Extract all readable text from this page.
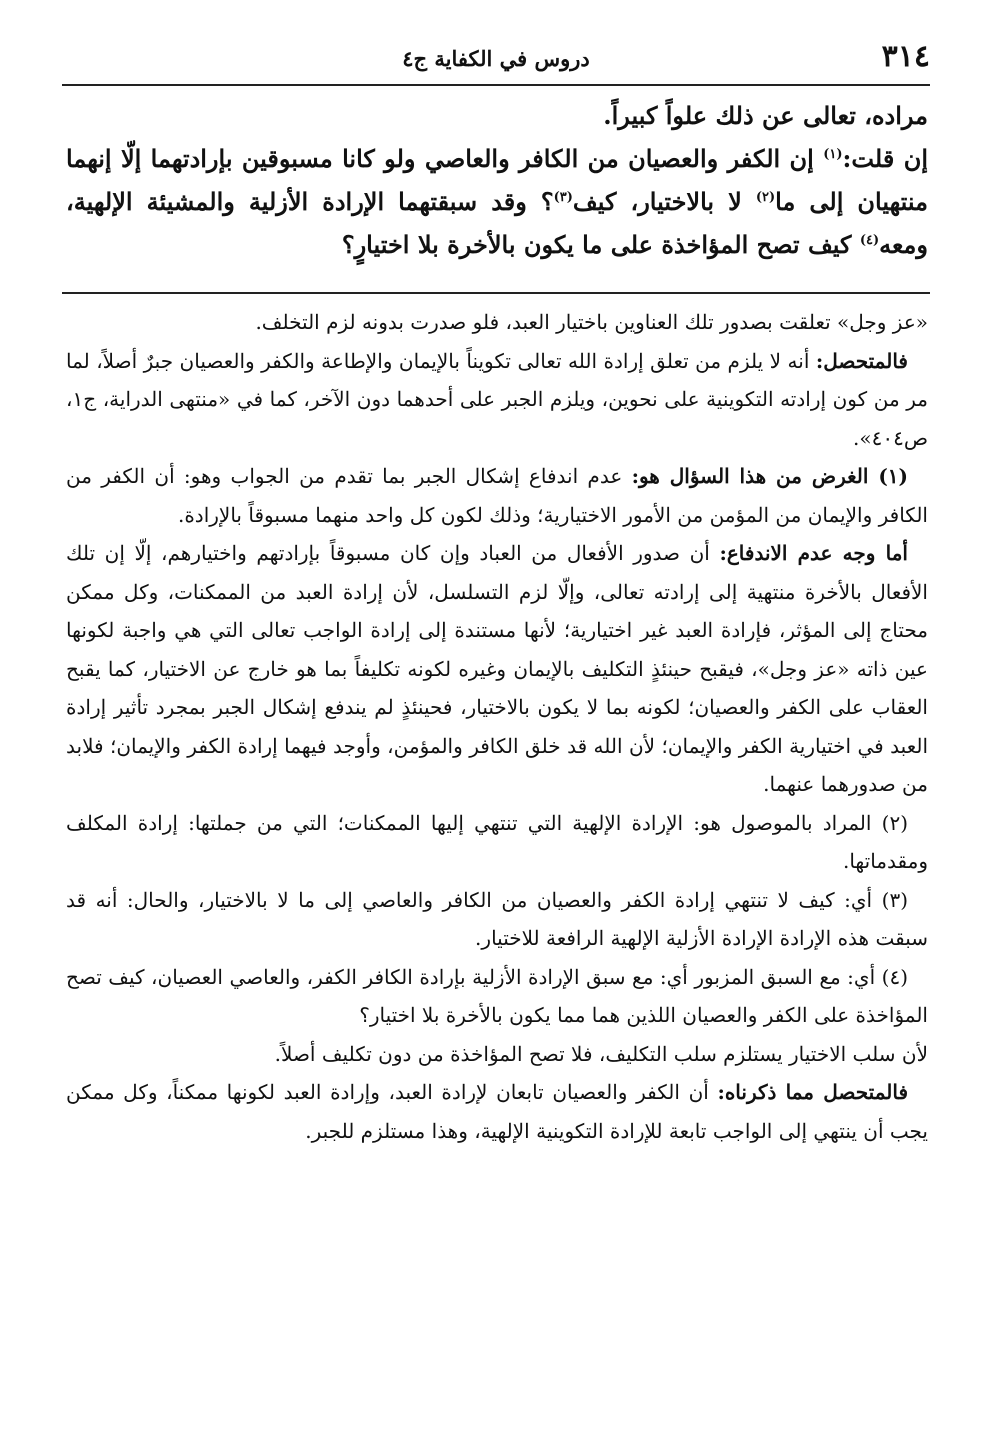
٣١٤
دروس في الكفاية ج٤

مراده، تعالى عن ذلك علواً كبيراً.

إن قلت:$^{(١)}$ إن الكفر والعصيان من الكافر والعاصي ولو كانا مسبوقين بإرادتهما إلّا إنهما منتهيان إلى ما$^{(٢)}$ لا بالاختيار، كيف$^{(٣)}$؟ وقد سبقتهما الإرادة الأزلية والمشيئة الإلهية، ومعه$^{(٤)}$ كيف تصح المؤاخذة على ما يكون بالأخرة بلا اختيارٍ؟

«عز وجل» تعلقت بصدور تلك العناوين باختيار العبد، فلو صدرت بدونه لزم التخلف.

فالمتحصل: أنه لا يلزم من تعلق إرادة الله تعالى تكويناً بالإيمان والإطاعة والكفر والعصيان جبرٌ أصلاً، لما مر من كون إرادته التكوينية على نحوين، ويلزم الجبر على أحدهما دون الآخر، كما في «منتهى الدراية، ج١، ص٤٠٤».

(١) الغرض من هذا السؤال هو: عدم اندفاع إشكال الجبر بما تقدم من الجواب وهو: أن الكفر من الكافر والإيمان من المؤمن من الأمور الاختيارية؛ وذلك لكون كل واحد منهما مسبوقاً بالإرادة.

أما وجه عدم الاندفاع: أن صدور الأفعال من العباد وإن كان مسبوقاً بإرادتهم واختيارهم، إلّا إن تلك الأفعال بالأخرة منتهية إلى إرادته تعالى، وإلّا لزم التسلسل، لأن إرادة العبد من الممكنات، وكل ممكن محتاج إلى المؤثر، فإرادة العبد غير اختيارية؛ لأنها مستندة إلى إرادة الواجب تعالى التي هي واجبة لكونها عين ذاته «عز وجل»، فيقبح حينئذٍ التكليف بالإيمان وغيره لكونه تكليفاً بما هو خارج عن الاختيار، كما يقبح العقاب على الكفر والعصيان؛ لكونه بما لا يكون بالاختيار، فحينئذٍ لم يندفع إشكال الجبر بمجرد تأثير إرادة العبد في اختيارية الكفر والإيمان؛ لأن الله قد خلق الكافر والمؤمن، وأوجد فيهما إرادة الكفر والإيمان؛ فلابد من صدورهما عنهما.

(٢) المراد بالموصول هو: الإرادة الإلهية التي تنتهي إليها الممكنات؛ التي من جملتها: إرادة المكلف ومقدماتها.

(٣) أي: كيف لا تنتهي إرادة الكفر والعصيان من الكافر والعاصي إلى ما لا بالاختيار، والحال: أنه قد سبقت هذه الإرادة الإرادة الأزلية الإلهية الرافعة للاختيار.

(٤) أي: مع السبق المزبور أي: مع سبق الإرادة الأزلية بإرادة الكافر الكفر، والعاصي العصيان، كيف تصح المؤاخذة على الكفر والعصيان اللذين هما مما يكون بالأخرة بلا اختيار؟
لأن سلب الاختيار يستلزم سلب التكليف، فلا تصح المؤاخذة من دون تكليف أصلاً.

فالمتحصل مما ذكرناه: أن الكفر والعصيان تابعان لإرادة العبد، وإرادة العبد لكونها ممكناً، وكل ممكن يجب أن ينتهي إلى الواجب تابعة للإرادة التكوينية الإلهية، وهذا مستلزم للجبر.
